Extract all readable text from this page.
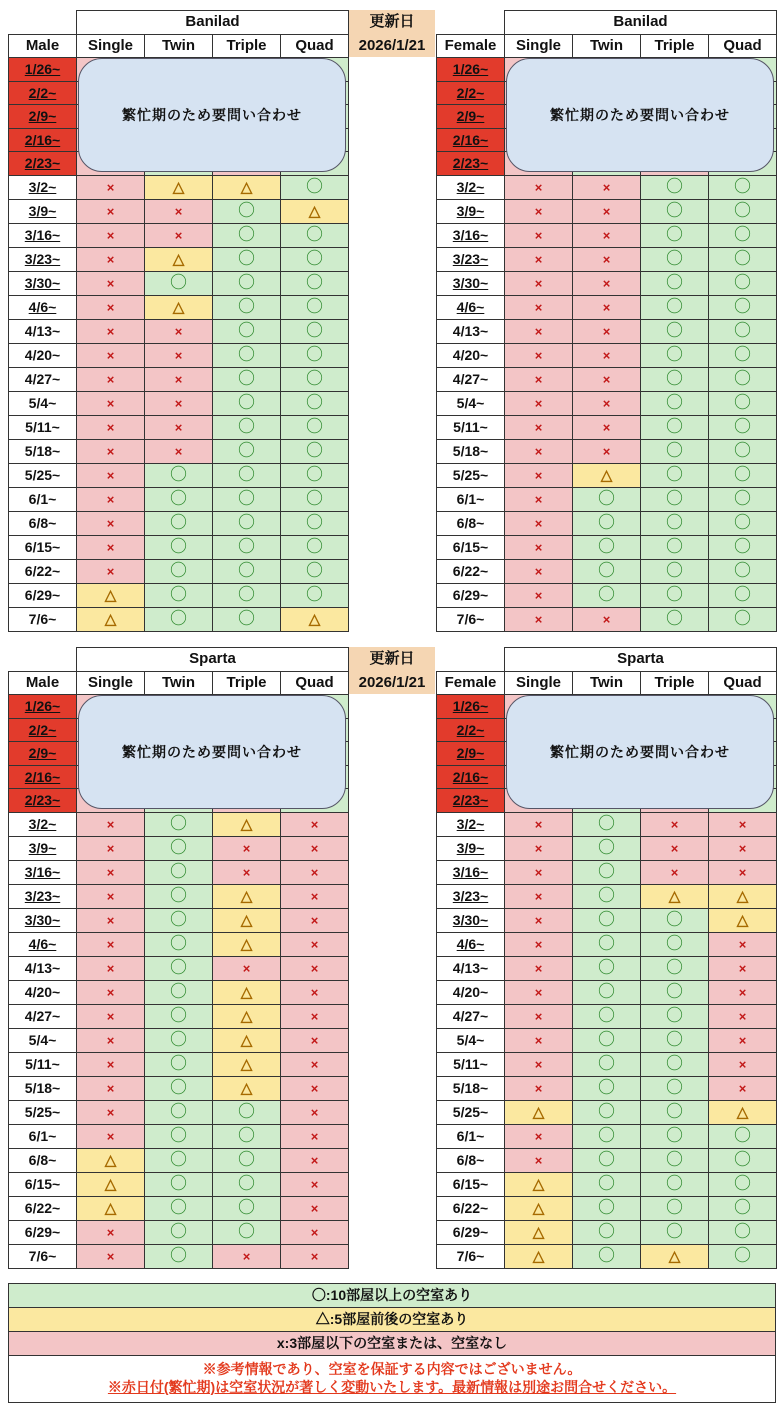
更新日
2026/1/21
	Banilad			
Male	Single	Twin	Triple	Quad
1/26~				
2/2~				
2/9~				
2/16~				
2/23~				
3/2~	×	△	△	〇
3/9~	×	×	〇	△
3/16~	×	×	〇	〇
3/23~	×	△	〇	〇
3/30~	×	〇	〇	〇
4/6~	×	△	〇	〇
4/13~	×	×	〇	〇
4/20~	×	×	〇	〇
4/27~	×	×	〇	〇
5/4~	×	×	〇	〇
5/11~	×	×	〇	〇
5/18~	×	×	〇	〇
5/25~	×	〇	〇	〇
6/1~	×	〇	〇	〇
6/8~	×	〇	〇	〇
6/15~	×	〇	〇	〇
6/22~	×	〇	〇	〇
6/29~	△	〇	〇	〇
7/6~	△	〇	〇	△
繁忙期のため要問い合わせ
	Banilad			
Female	Single	Twin	Triple	Quad
1/26~				
2/2~				
2/9~				
2/16~				
2/23~				
3/2~	×	×	〇	〇
3/9~	×	×	〇	〇
3/16~	×	×	〇	〇
3/23~	×	×	〇	〇
3/30~	×	×	〇	〇
4/6~	×	×	〇	〇
4/13~	×	×	〇	〇
4/20~	×	×	〇	〇
4/27~	×	×	〇	〇
5/4~	×	×	〇	〇
5/11~	×	×	〇	〇
5/18~	×	×	〇	〇
5/25~	×	△	〇	〇
6/1~	×	〇	〇	〇
6/8~	×	〇	〇	〇
6/15~	×	〇	〇	〇
6/22~	×	〇	〇	〇
6/29~	×	〇	〇	〇
7/6~	×	×	〇	〇
繁忙期のため要問い合わせ
更新日
2026/1/21
	Sparta			
Male	Single	Twin	Triple	Quad
1/26~				
2/2~				
2/9~				
2/16~				
2/23~				
3/2~	×	〇	△	×
3/9~	×	〇	×	×
3/16~	×	〇	×	×
3/23~	×	〇	△	×
3/30~	×	〇	△	×
4/6~	×	〇	△	×
4/13~	×	〇	×	×
4/20~	×	〇	△	×
4/27~	×	〇	△	×
5/4~	×	〇	△	×
5/11~	×	〇	△	×
5/18~	×	〇	△	×
5/25~	×	〇	〇	×
6/1~	×	〇	〇	×
6/8~	△	〇	〇	×
6/15~	△	〇	〇	×
6/22~	△	〇	〇	×
6/29~	×	〇	〇	×
7/6~	×	〇	×	×
繁忙期のため要問い合わせ
	Sparta			
Female	Single	Twin	Triple	Quad
1/26~				
2/2~				
2/9~				
2/16~				
2/23~				
3/2~	×	〇	×	×
3/9~	×	〇	×	×
3/16~	×	〇	×	×
3/23~	×	〇	△	△
3/30~	×	〇	〇	△
4/6~	×	〇	〇	×
4/13~	×	〇	〇	×
4/20~	×	〇	〇	×
4/27~	×	〇	〇	×
5/4~	×	〇	〇	×
5/11~	×	〇	〇	×
5/18~	×	〇	〇	×
5/25~	△	〇	〇	△
6/1~	×	〇	〇	〇
6/8~	×	〇	〇	〇
6/15~	△	〇	〇	〇
6/22~	△	〇	〇	〇
6/29~	△	〇	〇	〇
7/6~	△	〇	△	〇
繁忙期のため要問い合わせ
〇:10部屋以上の空室あり
△:5部屋前後の空室あり
x:3部屋以下の空室または、空室なし
※参考情報であり、空室を保証する内容ではございません。
※赤日付(繁忙期)は空室状況が著しく変動いたします。最新情報は別途お問合せください。
